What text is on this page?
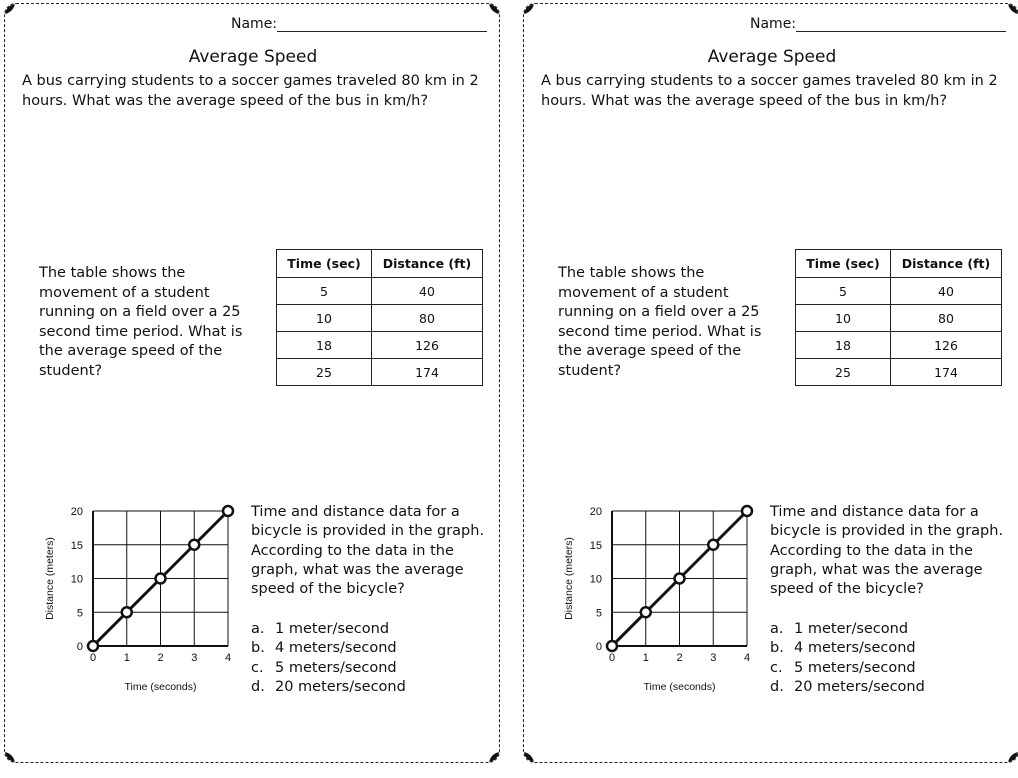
Name:
Average Speed
A bus carrying students to a soccer games traveled 80 km in 2 hours. What was the average speed of the bus in km/h?
The table shows the movement of a student running on a field over a 25 second time period. What is the average speed of the student?
Time (sec)	Distance (ft)
5	40
10	80
18	126
25	174
0	1	2	3	4
0
5
10
15
20
Time (seconds)
Distance (meters)
Time and distance data for a bicycle is provided in the graph. According to the data in the graph, what was the average speed of the bicycle?
a. 1 meter/second
b. 4 meters/second
c. 5 meters/second
d. 20 meters/second
Name:
Average Speed
A bus carrying students to a soccer games traveled 80 km in 2 hours. What was the average speed of the bus in km/h?
The table shows the movement of a student running on a field over a 25 second time period. What is the average speed of the student?
Time (sec)	Distance (ft)
5	40
10	80
18	126
25	174
0	1	2	3	4
0
5
10
15
20
Time (seconds)
Distance (meters)
Time and distance data for a bicycle is provided in the graph. According to the data in the graph, what was the average speed of the bicycle?
a. 1 meter/second
b. 4 meters/second
c. 5 meters/second
d. 20 meters/second
